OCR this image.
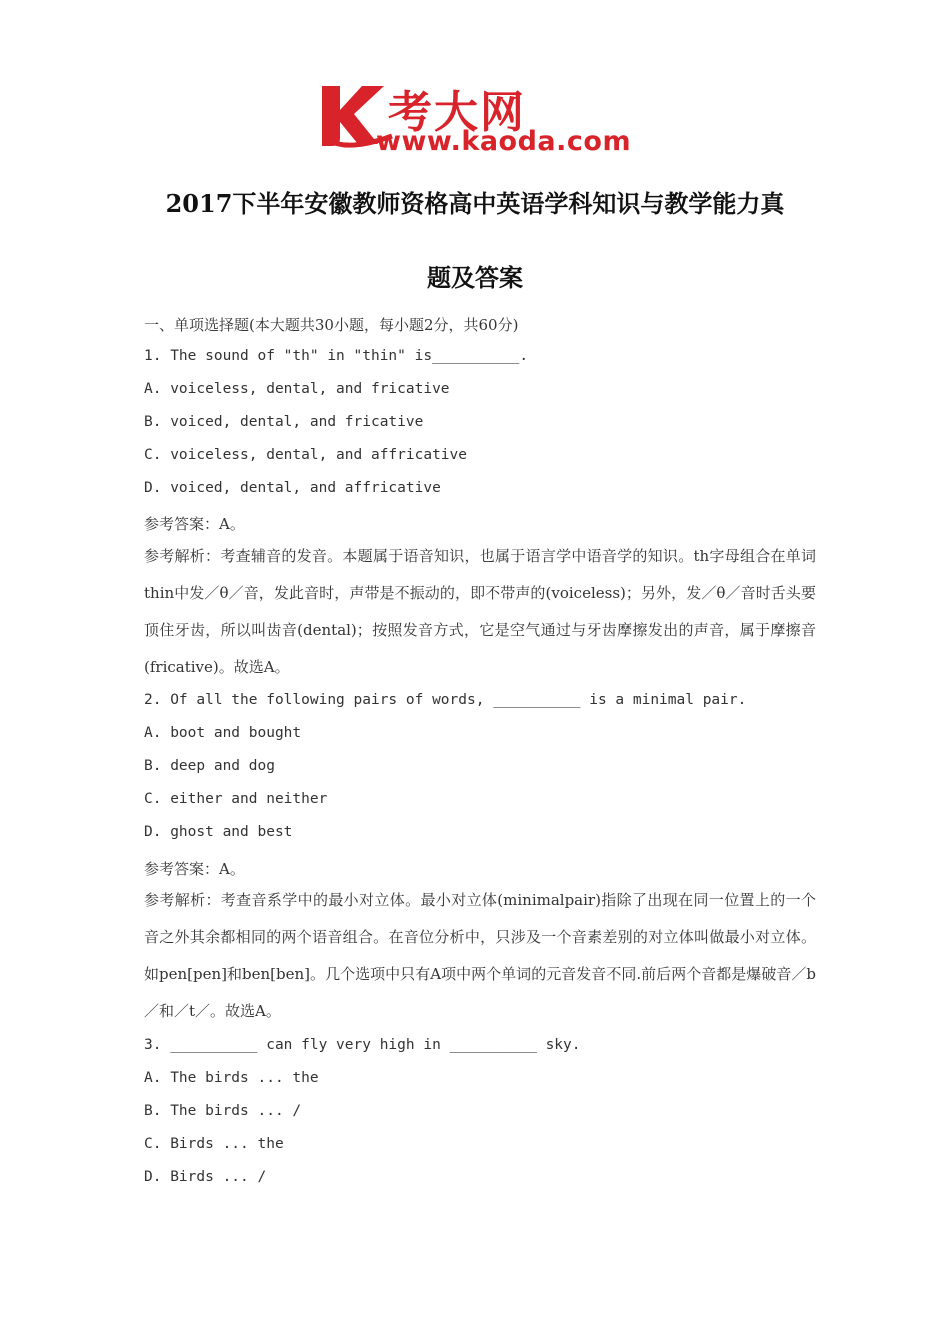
考大网
www.kaoda.com
2017下半年安徽教师资格高中英语学科知识与教学能力真
题及答案
一、单项选择题(本大题共30小题，每小题2分，共60分)
1. The sound of "th" in "thin" is__________.
A. voiceless, dental, and fricative
B. voiced, dental, and fricative
C. voiceless, dental, and affricative
D. voiced, dental, and affricative
参考答案：A。
参考解析：考查辅音的发音。本题属于语音知识，也属于语言学中语音学的知识。th字母组合在单词thin中发／θ／音，发此音时，声带是不振动的，即不带声的(voiceless)；另外，发／θ／音时舌头要顶住牙齿，所以叫齿音(dental)；按照发音方式，它是空气通过与牙齿摩擦发出的声音，属于摩擦音(fricative)。故选A。
2. Of all the following pairs of words, __________ is a minimal pair.
A. boot and bought
B. deep and dog
C. either and neither
D. ghost and best
参考答案：A。
参考解析：考查音系学中的最小对立体。最小对立体(minimalpair)指除了出现在同一位置上的一个音之外其余都相同的两个语音组合。在音位分析中，只涉及一个音素差别的对立体叫做最小对立体。如pen[pen]和ben[ben]。几个选项中只有A项中两个单词的元音发音不同.前后两个音都是爆破音／b／和／t／。故选A。
3. __________ can fly very high in __________ sky.
A. The birds ... the
B. The birds ... /
C. Birds ... the
D. Birds ... /
